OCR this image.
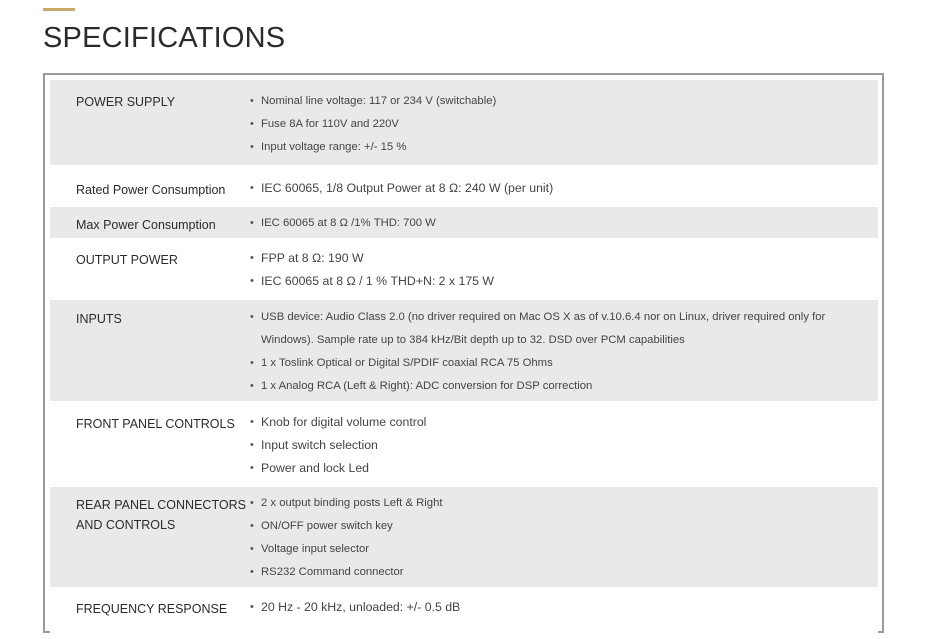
SPECIFICATIONS
POWER SUPPLY	• Nominal line voltage: 117 or 234 V (switchable)
• Fuse 8A for 110V and 220V
• Input voltage range: +/- 15 %
Rated Power Consumption	• IEC 60065, 1/8 Output Power at 8 Ω: 240 W (per unit)
Max Power Consumption	• IEC 60065 at 8 Ω /1% THD: 700 W
OUTPUT POWER	• FPP at 8 Ω: 190 W
• IEC 60065 at 8 Ω / 1 % THD+N: 2 x 175 W
INPUTS	• USB device: Audio Class 2.0 (no driver required on Mac OS X as of v.10.6.4 nor on Linux, driver required only for Windows). Sample rate up to 384 kHz/Bit depth up to 32. DSD over PCM capabilities
• 1 x Toslink Optical or Digital S/PDIF coaxial RCA 75 Ohms
• 1 x Analog RCA (Left & Right): ADC conversion for DSP correction
FRONT PANEL CONTROLS	• Knob for digital volume control
• Input switch selection
• Power and lock Led
REAR PANEL CONNECTORS
AND CONTROLS
• 2 x output binding posts Left & Right
• ON/OFF power switch key
• Voltage input selector
• RS232 Command connector
FREQUENCY RESPONSE	• 20 Hz - 20 kHz, unloaded: +/- 0.5 dB
